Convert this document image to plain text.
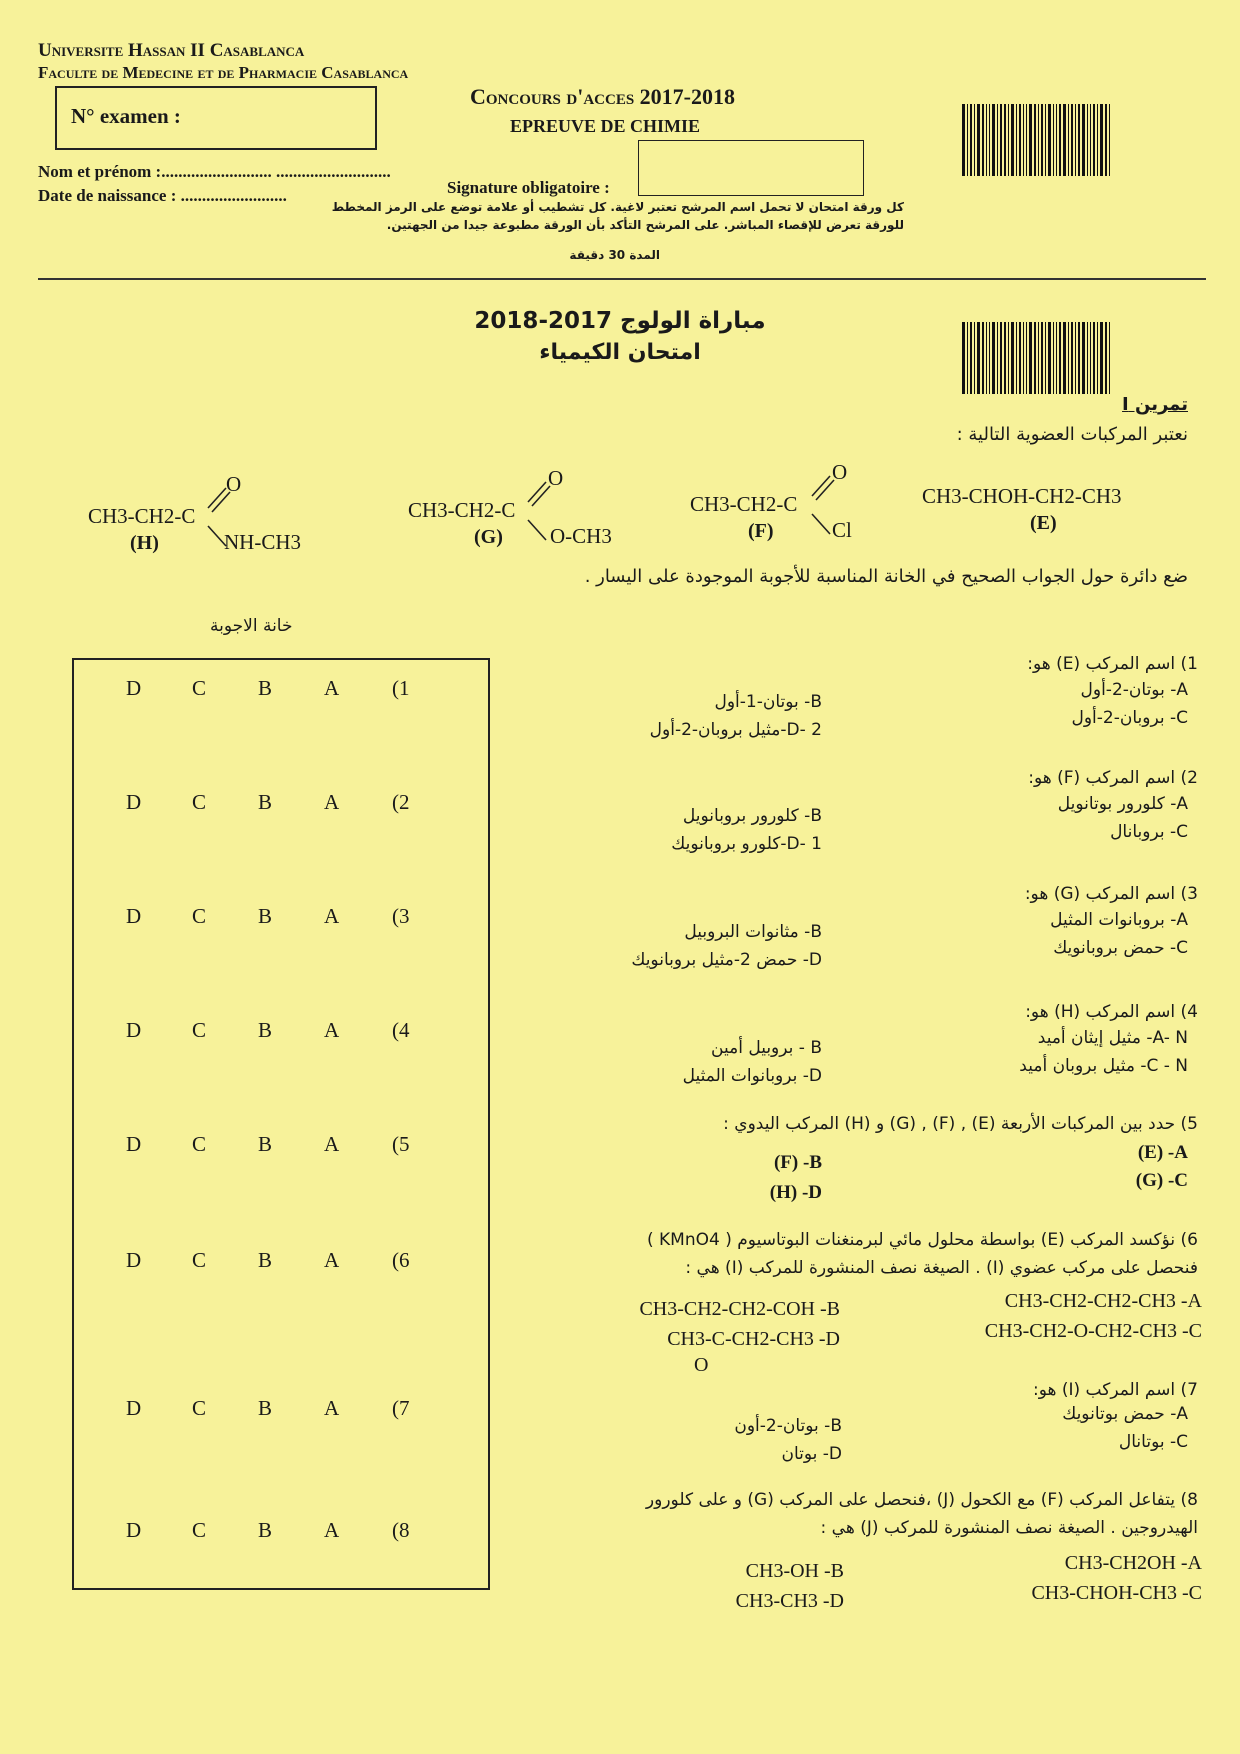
Universite Hassan II Casablanca
Faculte de Medecine et de Pharmacie Casablanca
N° examen :
Concours d'acces 2017-2018
EPREUVE DE CHIMIE
Nom et prénom :.......................... ...........................
Date de naissance : .........................	Signature obligatoire :
كل ورقة امتحان لا تحمل اسم المرشح تعتبر لاغية. كل تشطيب أو علامة توضع على الرمز المخطط
للورقة تعرض للإقصاء المباشر. على المرشح التأكد بأن الورقة مطبوعة جيدا من الجهتين.
المدة 30 دقيقة
مباراة الولوج 2017-2018
امتحان الكيمياء
تمرين I
نعتبر المركبات العضوية التالية :
CH3-CHOH-CH2-CH3
(E)
CH3-CH2-C
O
Cl
(F)
CH3-CH2-C
O
O-CH3
(G)
CH3-CH2-C
O
NH-CH3
(H)
ضع دائرة حول الجواب الصحيح في الخانة المناسبة للأجوبة الموجودة على اليسار .
خانة الاجوبة
D C B A	(1
D C B A	(2
D C B A	(3
D C B A	(4
D C B A	(5
D C B A	(6
D C B A	(7
D C B A	(8
1) اسم المركب (E) هو:
A- بوتان-2-أول
C- بروبان-2-أول
B- بوتان-1-أول
D- 2-مثيل بروبان-2-أول
2) اسم المركب (F) هو:
A- كلورور بوتانويل
C- بروبانال
B- كلورور بروبانويل
D- 1-كلورو بروبانويك
3) اسم المركب (G) هو:
A- بروبانوات المثيل
C- حمض بروبانويك
B- مثانوات البروبيل
D- حمض 2-مثيل بروبانويك
4) اسم المركب (H) هو:
A- N- مثيل إيثان أميد
C - N- مثيل بروبان أميد
B - بروبيل أمين
D- بروبانوات المثيل
5) حدد بين المركبات الأربعة (E) , (F) , (G) و (H) المركب اليدوي :
(E) -A
(G) -C
(F) -B
(H) -D
6) نؤكسد المركب (E) بواسطة محلول مائي لبرمنغنات البوتاسيوم ( KMnO4 )
فنحصل على مركب عضوي (I) . الصيغة نصف المنشورة للمركب (I) هي :
CH3-CH2-CH2-CH3 -A
CH3-CH2-O-CH2-CH3 -C
CH3-CH2-CH2-COH -B
CH3-C-CH2-CH3 -D
O
7) اسم المركب (I) هو:
A- حمض بوتانويك
C- بوتانال
B- بوتان-2-أون
D- بوتان
8) يتفاعل المركب (F) مع الكحول (J) ،فنحصل على المركب (G) و على كلورور
الهيدروجين . الصيغة نصف المنشورة للمركب (J) هي :
CH3-CH2OH -A
CH3-CHOH-CH3 -C
CH3-OH -B
CH3-CH3 -D
